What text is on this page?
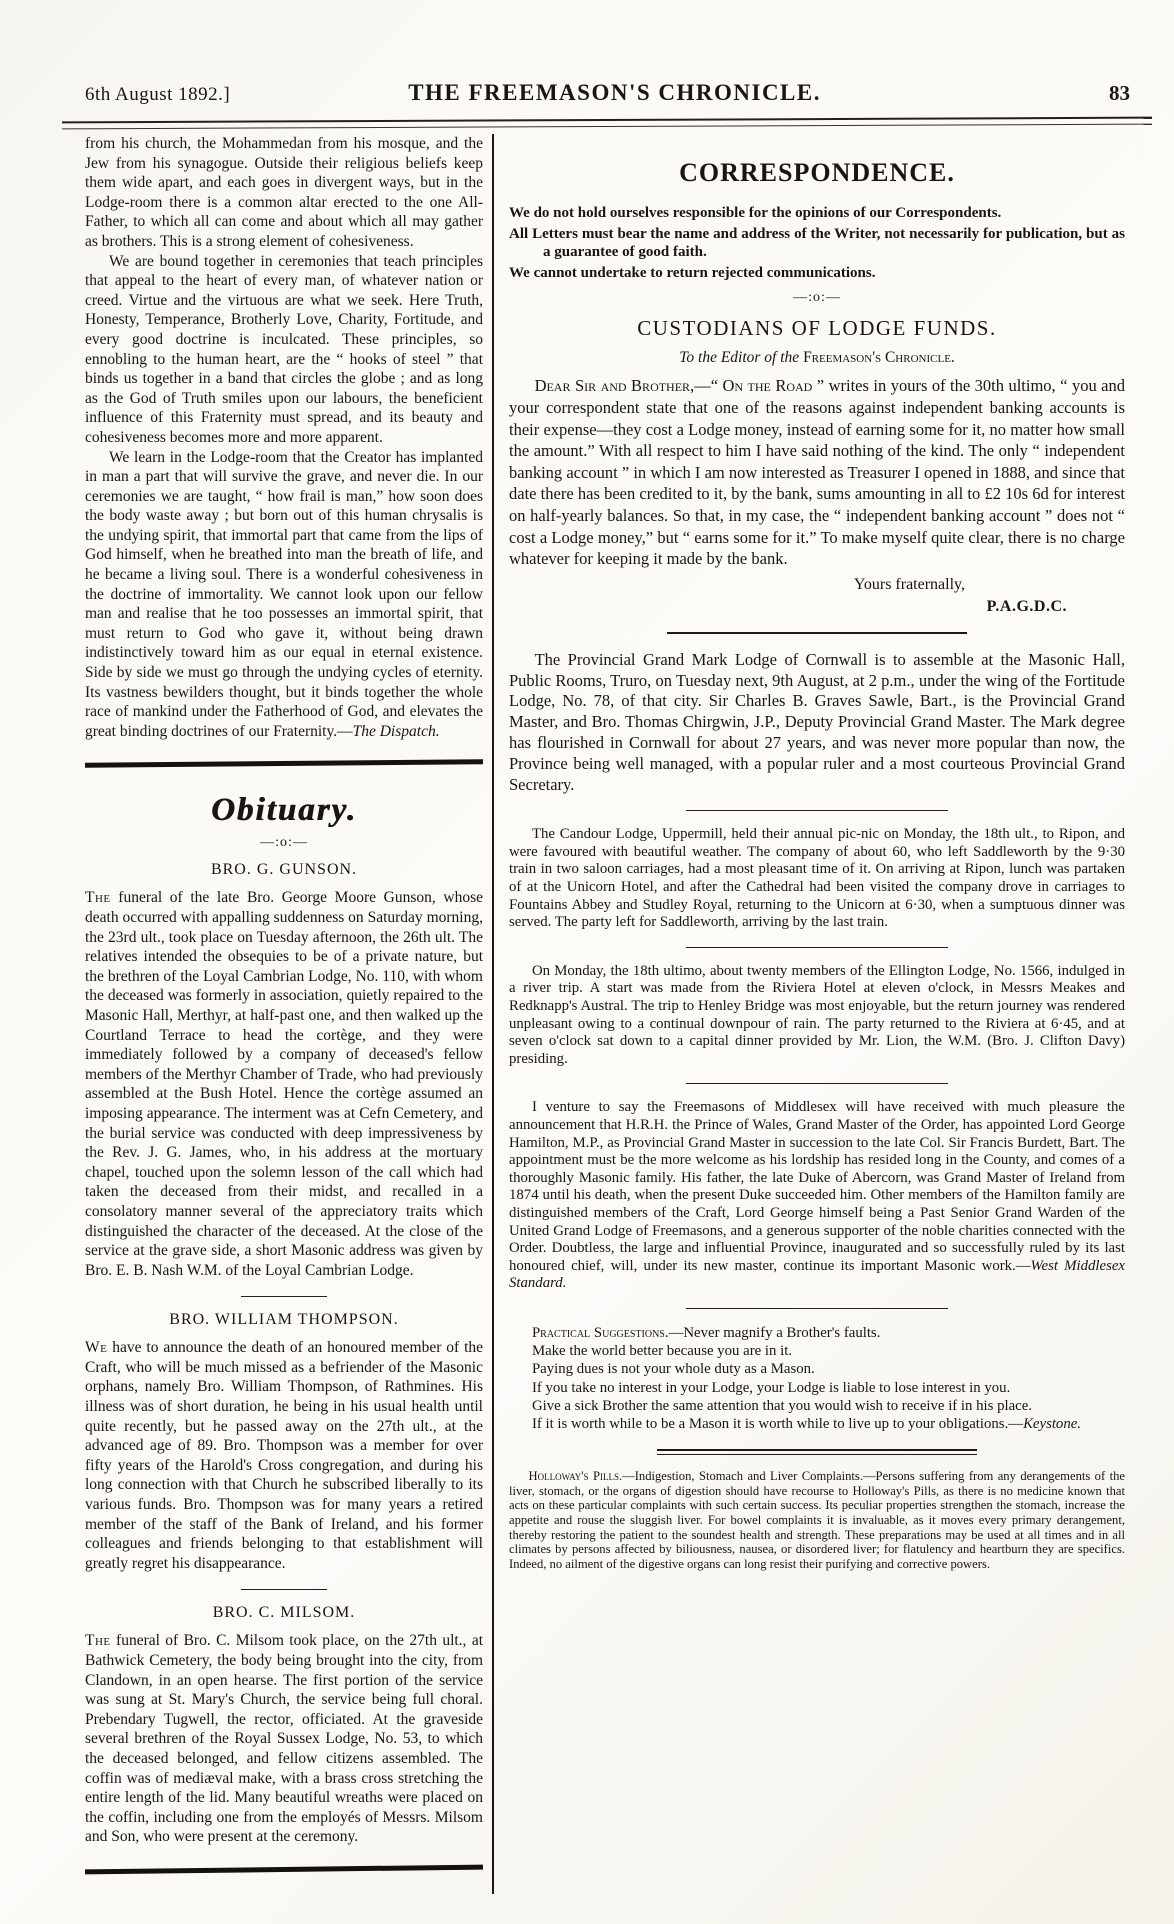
6th August 1892.]	THE FREEMASON'S CHRONICLE.	83

from his church, the Mohammedan from his mosque, and the Jew from his synagogue. Outside their religious beliefs keep them wide apart, and each goes in divergent ways, but in the Lodge-room there is a common altar erected to the one All-Father, to which all can come and about which all may gather as brothers. This is a strong element of cohesiveness.

We are bound together in ceremonies that teach principles that appeal to the heart of every man, of whatever nation or creed. Virtue and the virtuous are what we seek. Here Truth, Honesty, Temperance, Brotherly Love, Charity, Fortitude, and every good doctrine is inculcated. These principles, so ennobling to the human heart, are the “ hooks of steel ” that binds us together in a band that circles the globe ; and as long as the God of Truth smiles upon our labours, the beneficient influence of this Fraternity must spread, and its beauty and cohesiveness becomes more and more apparent.

We learn in the Lodge-room that the Creator has implanted in man a part that will survive the grave, and never die. In our ceremonies we are taught, “ how frail is man,” how soon does the body waste away ; but born out of this human chrysalis is the undying spirit, that immortal part that came from the lips of God himself, when he breathed into man the breath of life, and he became a living soul. There is a wonderful cohesiveness in the doctrine of immortality. We cannot look upon our fellow man and realise that he too possesses an immortal spirit, that must return to God who gave it, without being drawn indistinctively toward him as our equal in eternal existence. Side by side we must go through the undying cycles of eternity. Its vastness bewilders thought, but it binds together the whole race of mankind under the Fatherhood of God, and elevates the great binding doctrines of our Fraternity.—The Dispatch.

Obituary.
—:o:—
BRO. G. GUNSON.

The funeral of the late Bro. George Moore Gunson, whose death occurred with appalling suddenness on Saturday morning, the 23rd ult., took place on Tuesday afternoon, the 26th ult. The relatives intended the obsequies to be of a private nature, but the brethren of the Loyal Cambrian Lodge, No. 110, with whom the deceased was formerly in association, quietly repaired to the Masonic Hall, Merthyr, at half-past one, and then walked up the Courtland Terrace to head the cortège, and they were immediately followed by a company of deceased's fellow members of the Merthyr Chamber of Trade, who had previously assembled at the Bush Hotel. Hence the cortège assumed an imposing appearance. The interment was at Cefn Cemetery, and the burial service was conducted with deep impressiveness by the Rev. J. G. James, who, in his address at the mortuary chapel, touched upon the solemn lesson of the call which had taken the deceased from their midst, and recalled in a consolatory manner several of the appreciatory traits which distinguished the character of the deceased. At the close of the service at the grave side, a short Masonic address was given by Bro. E. B. Nash W.M. of the Loyal Cambrian Lodge.

BRO. WILLIAM THOMPSON.

We have to announce the death of an honoured member of the Craft, who will be much missed as a befriender of the Masonic orphans, namely Bro. William Thompson, of Rathmines. His illness was of short duration, he being in his usual health until quite recently, but he passed away on the 27th ult., at the advanced age of 89. Bro. Thompson was a member for over fifty years of the Harold's Cross congregation, and during his long connection with that Church he subscribed liberally to its various funds. Bro. Thompson was for many years a retired member of the staff of the Bank of Ireland, and his former colleagues and friends belonging to that establishment will greatly regret his disappearance.

BRO. C. MILSOM.

The funeral of Bro. C. Milsom took place, on the 27th ult., at Bathwick Cemetery, the body being brought into the city, from Clandown, in an open hearse. The first portion of the service was sung at St. Mary's Church, the service being full choral. Prebendary Tugwell, the rector, officiated. At the graveside several brethren of the Royal Sussex Lodge, No. 53, to which the deceased belonged, and fellow citizens assembled. The coffin was of mediæval make, with a brass cross stretching the entire length of the lid. Many beautiful wreaths were placed on the coffin, including one from the employés of Messrs. Milsom and Son, who were present at the ceremony.

CORRESPONDENCE.

We do not hold ourselves responsible for the opinions of our Correspondents.

All Letters must bear the name and address of the Writer, not necessarily for publication, but as a guarantee of good faith.

We cannot undertake to return rejected communications.

—:o:—
CUSTODIANS OF LODGE FUNDS.

To the Editor of the Freemason's Chronicle.

Dear Sir and Brother,—“ On the Road ” writes in yours of the 30th ultimo, “ you and your correspondent state that one of the reasons against independent banking accounts is their expense—they cost a Lodge money, instead of earning some for it, no matter how small the amount.” With all respect to him I have said nothing of the kind. The only “ independent banking account ” in which I am now interested as Treasurer I opened in 1888, and since that date there has been credited to it, by the bank, sums amounting in all to £2 10s 6d for interest on half-yearly balances. So that, in my case, the “ independent banking account ” does not “ cost a Lodge money,” but “ earns some for it.” To make myself quite clear, there is no charge whatever for keeping it made by the bank.

Yours fraternally,

P.A.G.D.C.

The Provincial Grand Mark Lodge of Cornwall is to assemble at the Masonic Hall, Public Rooms, Truro, on Tuesday next, 9th August, at 2 p.m., under the wing of the Fortitude Lodge, No. 78, of that city. Sir Charles B. Graves Sawle, Bart., is the Provincial Grand Master, and Bro. Thomas Chirgwin, J.P., Deputy Provincial Grand Master. The Mark degree has flourished in Cornwall for about 27 years, and was never more popular than now, the Province being well managed, with a popular ruler and a most courteous Provincial Grand Secretary.

The Candour Lodge, Uppermill, held their annual pic-nic on Monday, the 18th ult., to Ripon, and were favoured with beautiful weather. The company of about 60, who left Saddleworth by the 9·30 train in two saloon carriages, had a most pleasant time of it. On arriving at Ripon, lunch was partaken of at the Unicorn Hotel, and after the Cathedral had been visited the company drove in carriages to Fountains Abbey and Studley Royal, returning to the Unicorn at 6·30, when a sumptuous dinner was served. The party left for Saddleworth, arriving by the last train.

On Monday, the 18th ultimo, about twenty members of the Ellington Lodge, No. 1566, indulged in a river trip. A start was made from the Riviera Hotel at eleven o'clock, in Messrs Meakes and Redknapp's Austral. The trip to Henley Bridge was most enjoyable, but the return journey was rendered unpleasant owing to a continual downpour of rain. The party returned to the Riviera at 6·45, and at seven o'clock sat down to a capital dinner provided by Mr. Lion, the W.M. (Bro. J. Clifton Davy) presiding.

I venture to say the Freemasons of Middlesex will have received with much pleasure the announcement that H.R.H. the Prince of Wales, Grand Master of the Order, has appointed Lord George Hamilton, M.P., as Provincial Grand Master in succession to the late Col. Sir Francis Burdett, Bart. The appointment must be the more welcome as his lordship has resided long in the County, and comes of a thoroughly Masonic family. His father, the late Duke of Abercorn, was Grand Master of Ireland from 1874 until his death, when the present Duke succeeded him. Other members of the Hamilton family are distinguished members of the Craft, Lord George himself being a Past Senior Grand Warden of the United Grand Lodge of Freemasons, and a generous supporter of the noble charities connected with the Order. Doubtless, the large and influential Province, inaugurated and so successfully ruled by its last honoured chief, will, under its new master, continue its important Masonic work.—West Middlesex Standard.

Practical Suggestions.—Never magnify a Brother's faults.

Make the world better because you are in it.

Paying dues is not your whole duty as a Mason.

If you take no interest in your Lodge, your Lodge is liable to lose interest in you.

Give a sick Brother the same attention that you would wish to receive if in his place.

If it is worth while to be a Mason it is worth while to live up to your obligations.—Keystone.

Holloway's Pills.—Indigestion, Stomach and Liver Complaints.—Persons suffering from any derangements of the liver, stomach, or the organs of digestion should have recourse to Holloway's Pills, as there is no medicine known that acts on these particular complaints with such certain success. Its peculiar properties strengthen the stomach, increase the appetite and rouse the sluggish liver. For bowel complaints it is invaluable, as it moves every primary derangement, thereby restoring the patient to the soundest health and strength. These preparations may be used at all times and in all climates by persons affected by biliousness, nausea, or disordered liver; for flatulency and heartburn they are specifics. Indeed, no ailment of the digestive organs can long resist their purifying and corrective powers.
